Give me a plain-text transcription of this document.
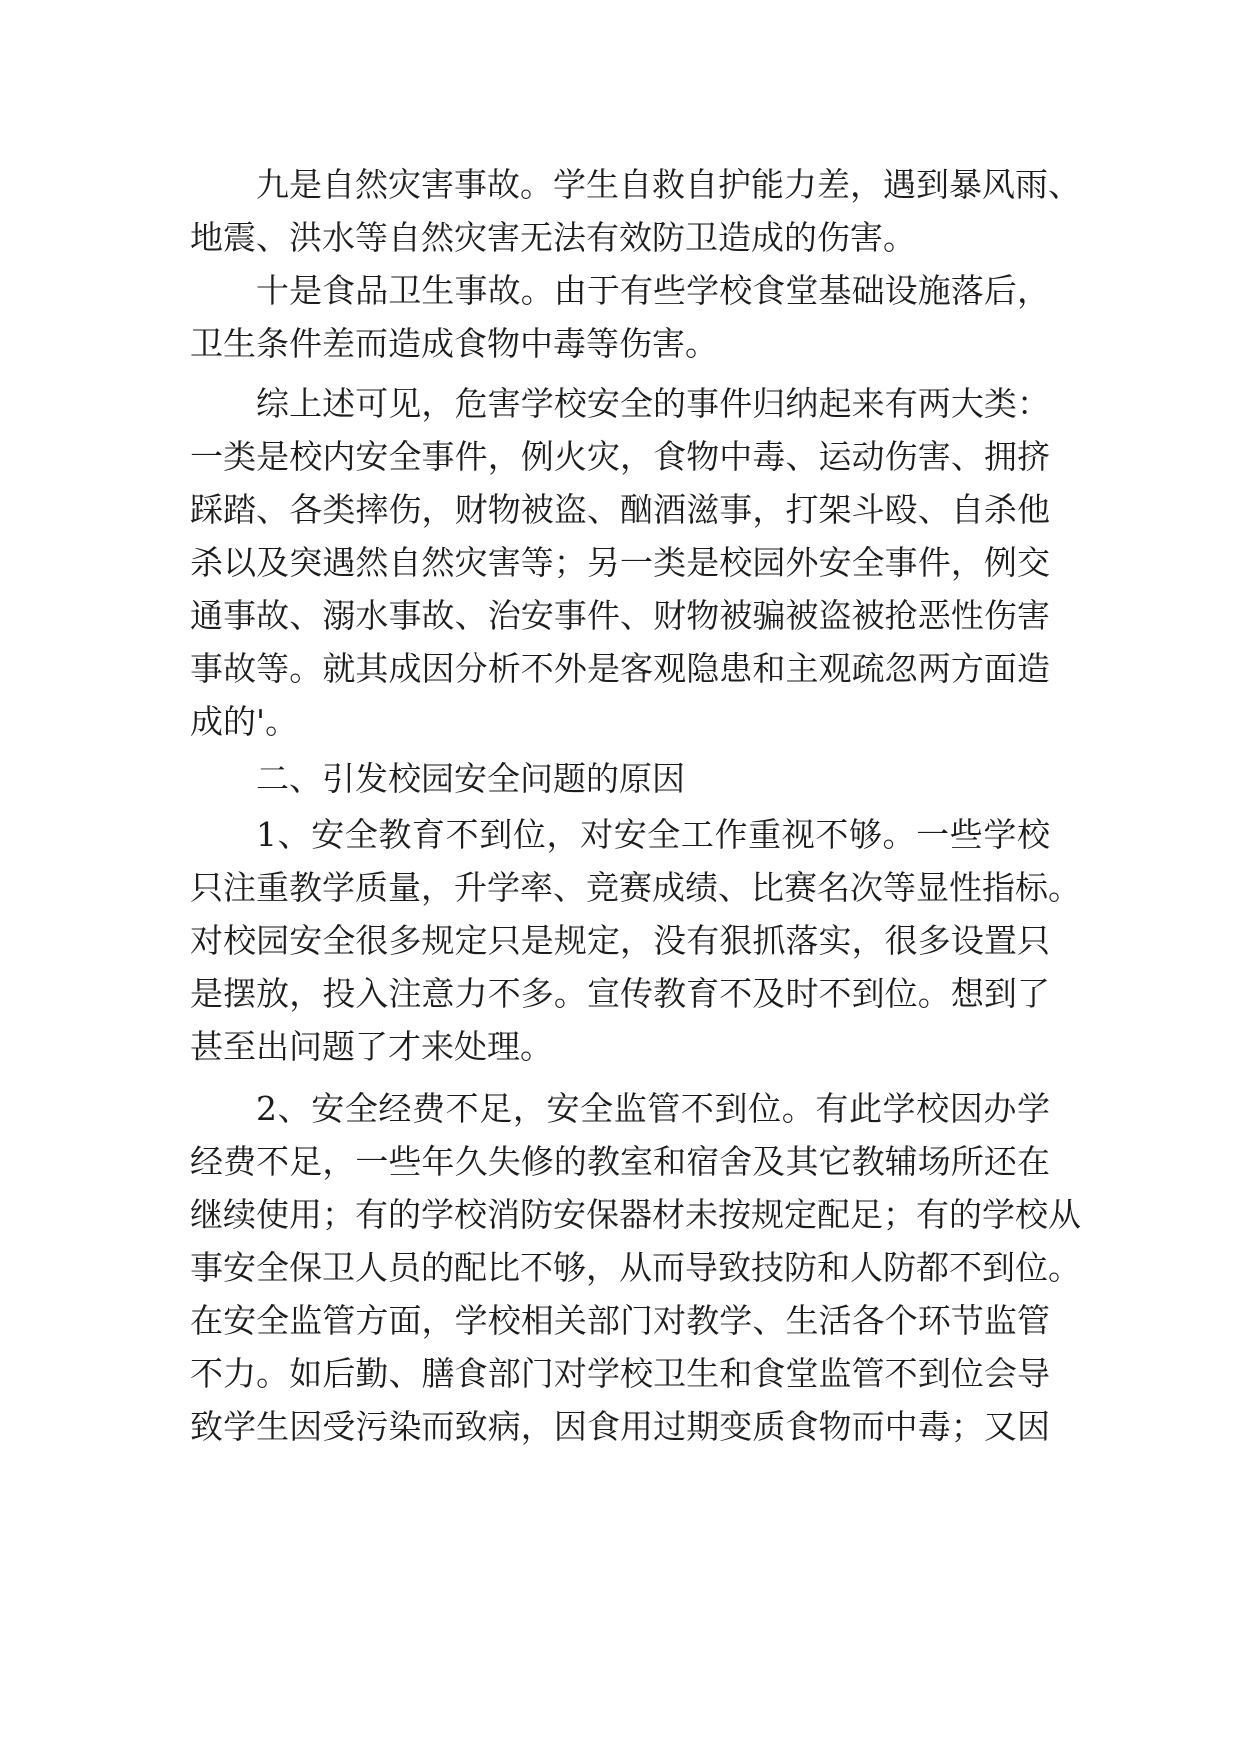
九是自然灾害事故。学生自救自护能力差，遇到暴风雨、

地震、洪水等自然灾害无法有效防卫造成的伤害。

十是食品卫生事故。由于有些学校食堂基础设施落后，

卫生条件差而造成食物中毒等伤害。

综上述可见，危害学校安全的事件归纳起来有两大类：

一类是校内安全事件，例火灾，食物中毒、运动伤害、拥挤

踩踏、各类摔伤，财物被盗、酗酒滋事，打架斗殴、自杀他

杀以及突遇然自然灾害等；另一类是校园外安全事件，例交

通事故、溺水事故、治安事件、财物被骗被盗被抢恶性伤害

事故等。就其成因分析不外是客观隐患和主观疏忽两方面造

成的'。

二、引发校园安全问题的原因

1、安全教育不到位，对安全工作重视不够。一些学校

只注重教学质量，升学率、竞赛成绩、比赛名次等显性指标。

对校园安全很多规定只是规定，没有狠抓落实，很多设置只

是摆放，投入注意力不多。宣传教育不及时不到位。想到了

甚至出问题了才来处理。

2、安全经费不足，安全监管不到位。有此学校因办学

经费不足，一些年久失修的教室和宿舍及其它教辅场所还在

继续使用；有的学校消防安保器材未按规定配足；有的学校从

事安全保卫人员的配比不够，从而导致技防和人防都不到位。

在安全监管方面，学校相关部门对教学、生活各个环节监管

不力。如后勤、膳食部门对学校卫生和食堂监管不到位会导

致学生因受污染而致病，因食用过期变质食物而中毒；又因
